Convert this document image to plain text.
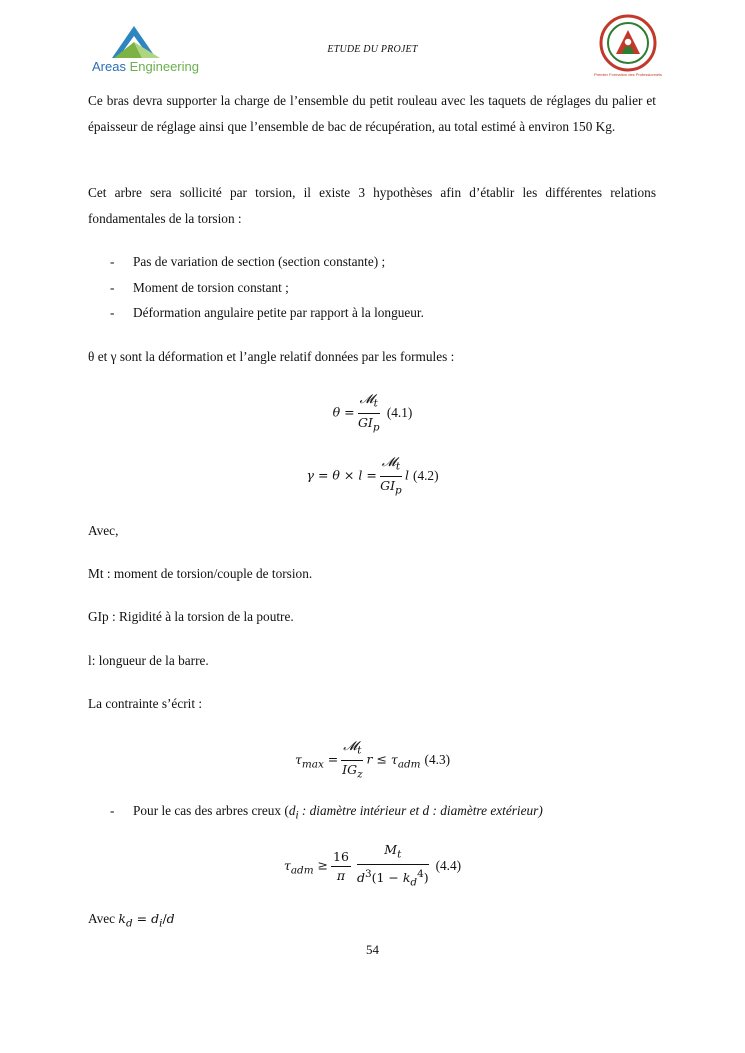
Areas Engineering
ETUDE DU PROJET
Premier Formation des Professionnels
Ce bras devra supporter la charge de l’ensemble du petit rouleau avec les taquets de réglages du palier et épaisseur de réglage ainsi que l’ensemble de bac de récupération, au total estimé à environ 150 Kg.
Cet arbre sera sollicité par torsion, il existe 3 hypothèses afin d’établir les différentes relations fondamentales de la torsion :
- Pas de variation de section (section constante) ;
- Moment de torsion constant ;
- Déformation angulaire petite par rapport à la longueur.
θ et γ sont la déformation et l’angle relatif données par les formules :
$\theta = \frac{𝓜_t}{GI_p} (4.1)$
$\gamma = \theta \times l = \frac{𝓜_t}{GI_p}$ l (4.2)
Avec,
Mt : moment de torsion/couple de torsion.
GIp : Rigidité à la torsion de la poutre.
l: longueur de la barre.
La contrainte s’écrit :
$\tau_{max} = \frac{𝓜_t}{IG_z}$ $r \le \tau_{adm}$ (4.3)
- Pour le cas des arbres creux ($d_i$ : diamètre intérieur et d : diamètre extérieur)
$\tau_{adm} \ge \frac{16}{\pi} \frac{M_t}{d^3(1 - k_d^4)} (4.4)$
Avec $k_d = d_i/d$
54
